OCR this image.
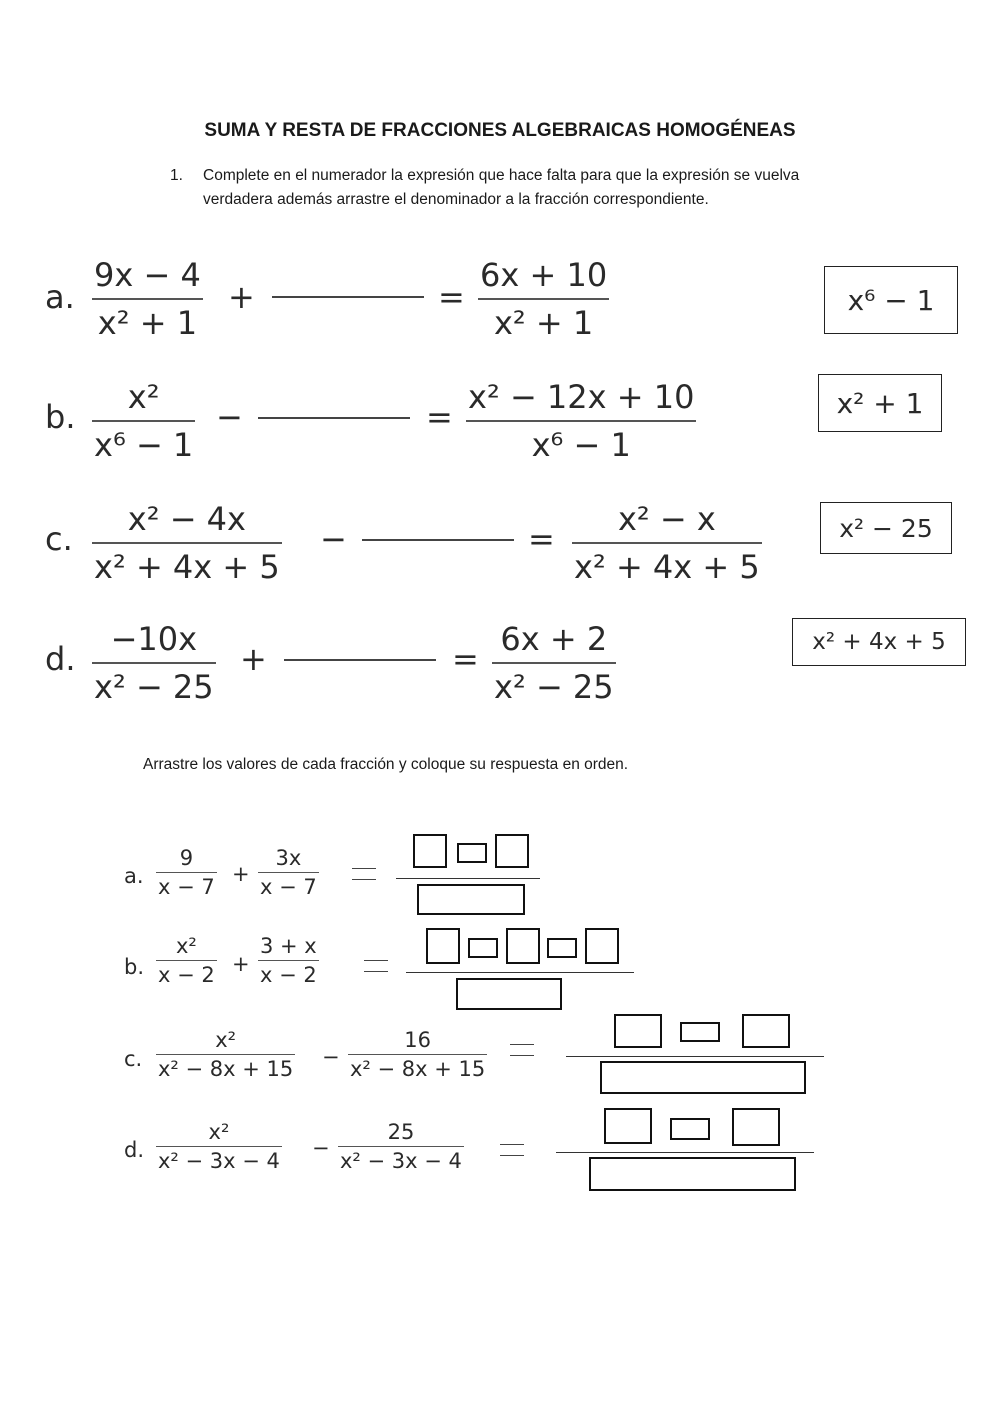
SUMA Y RESTA DE FRACCIONES ALGEBRAICAS HOMOGÉNEAS
1. Complete en el numerador la expresión que hace falta para que la expresión se vuelva verdadera además arrastre el denominador a la fracción correspondiente.
a.
9x − 4
x² + 1
+	=
6x + 10
x² + 1
b.
x²
x⁶ − 1
−	=
x² − 12x + 10
x⁶ − 1
c.
x² − 4x
x² + 4x + 5
−	=
x² − x
x² + 4x + 5
d.
−10x
x² − 25
+	=
6x + 2
x² − 25
x⁶ − 1
x² + 1
x² − 25
x² + 4x + 5
Arrastre los valores de cada fracción y coloque su respuesta en orden.
a.
9
x − 7
+
3x
x − 7
b.
x²
x − 2 +
3 + x
x − 2
c.
x²
x² − 8x + 15 −
16
x² − 8x + 15
d.
x²
x² − 3x − 4
−
25
x² − 3x − 4
